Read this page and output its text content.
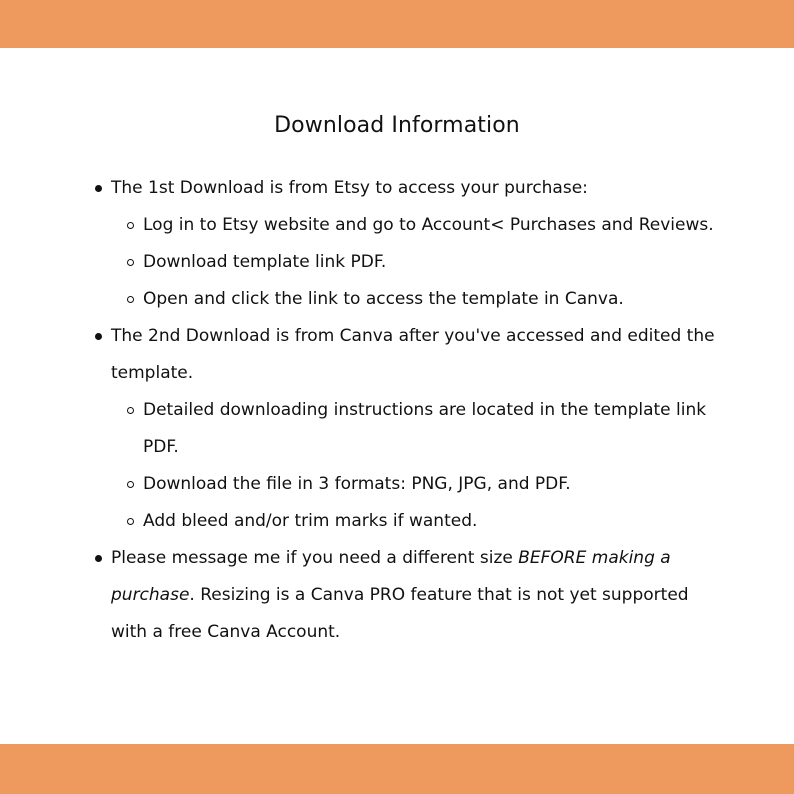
Download Information
The 1st Download is from Etsy to access your purchase:
Log in to Etsy website and go to Account< Purchases and Reviews.
Download template link PDF.
Open and click the link to access the template in Canva.
The 2nd Download is from Canva after you've accessed and edited the template.
Detailed downloading instructions are located in the template link PDF.
Download the file in 3 formats: PNG, JPG, and PDF.
Add bleed and/or trim marks if wanted.
Please message me if you need a different size BEFORE making a purchase. Resizing is a Canva PRO feature that is not yet supported with a free Canva Account.
